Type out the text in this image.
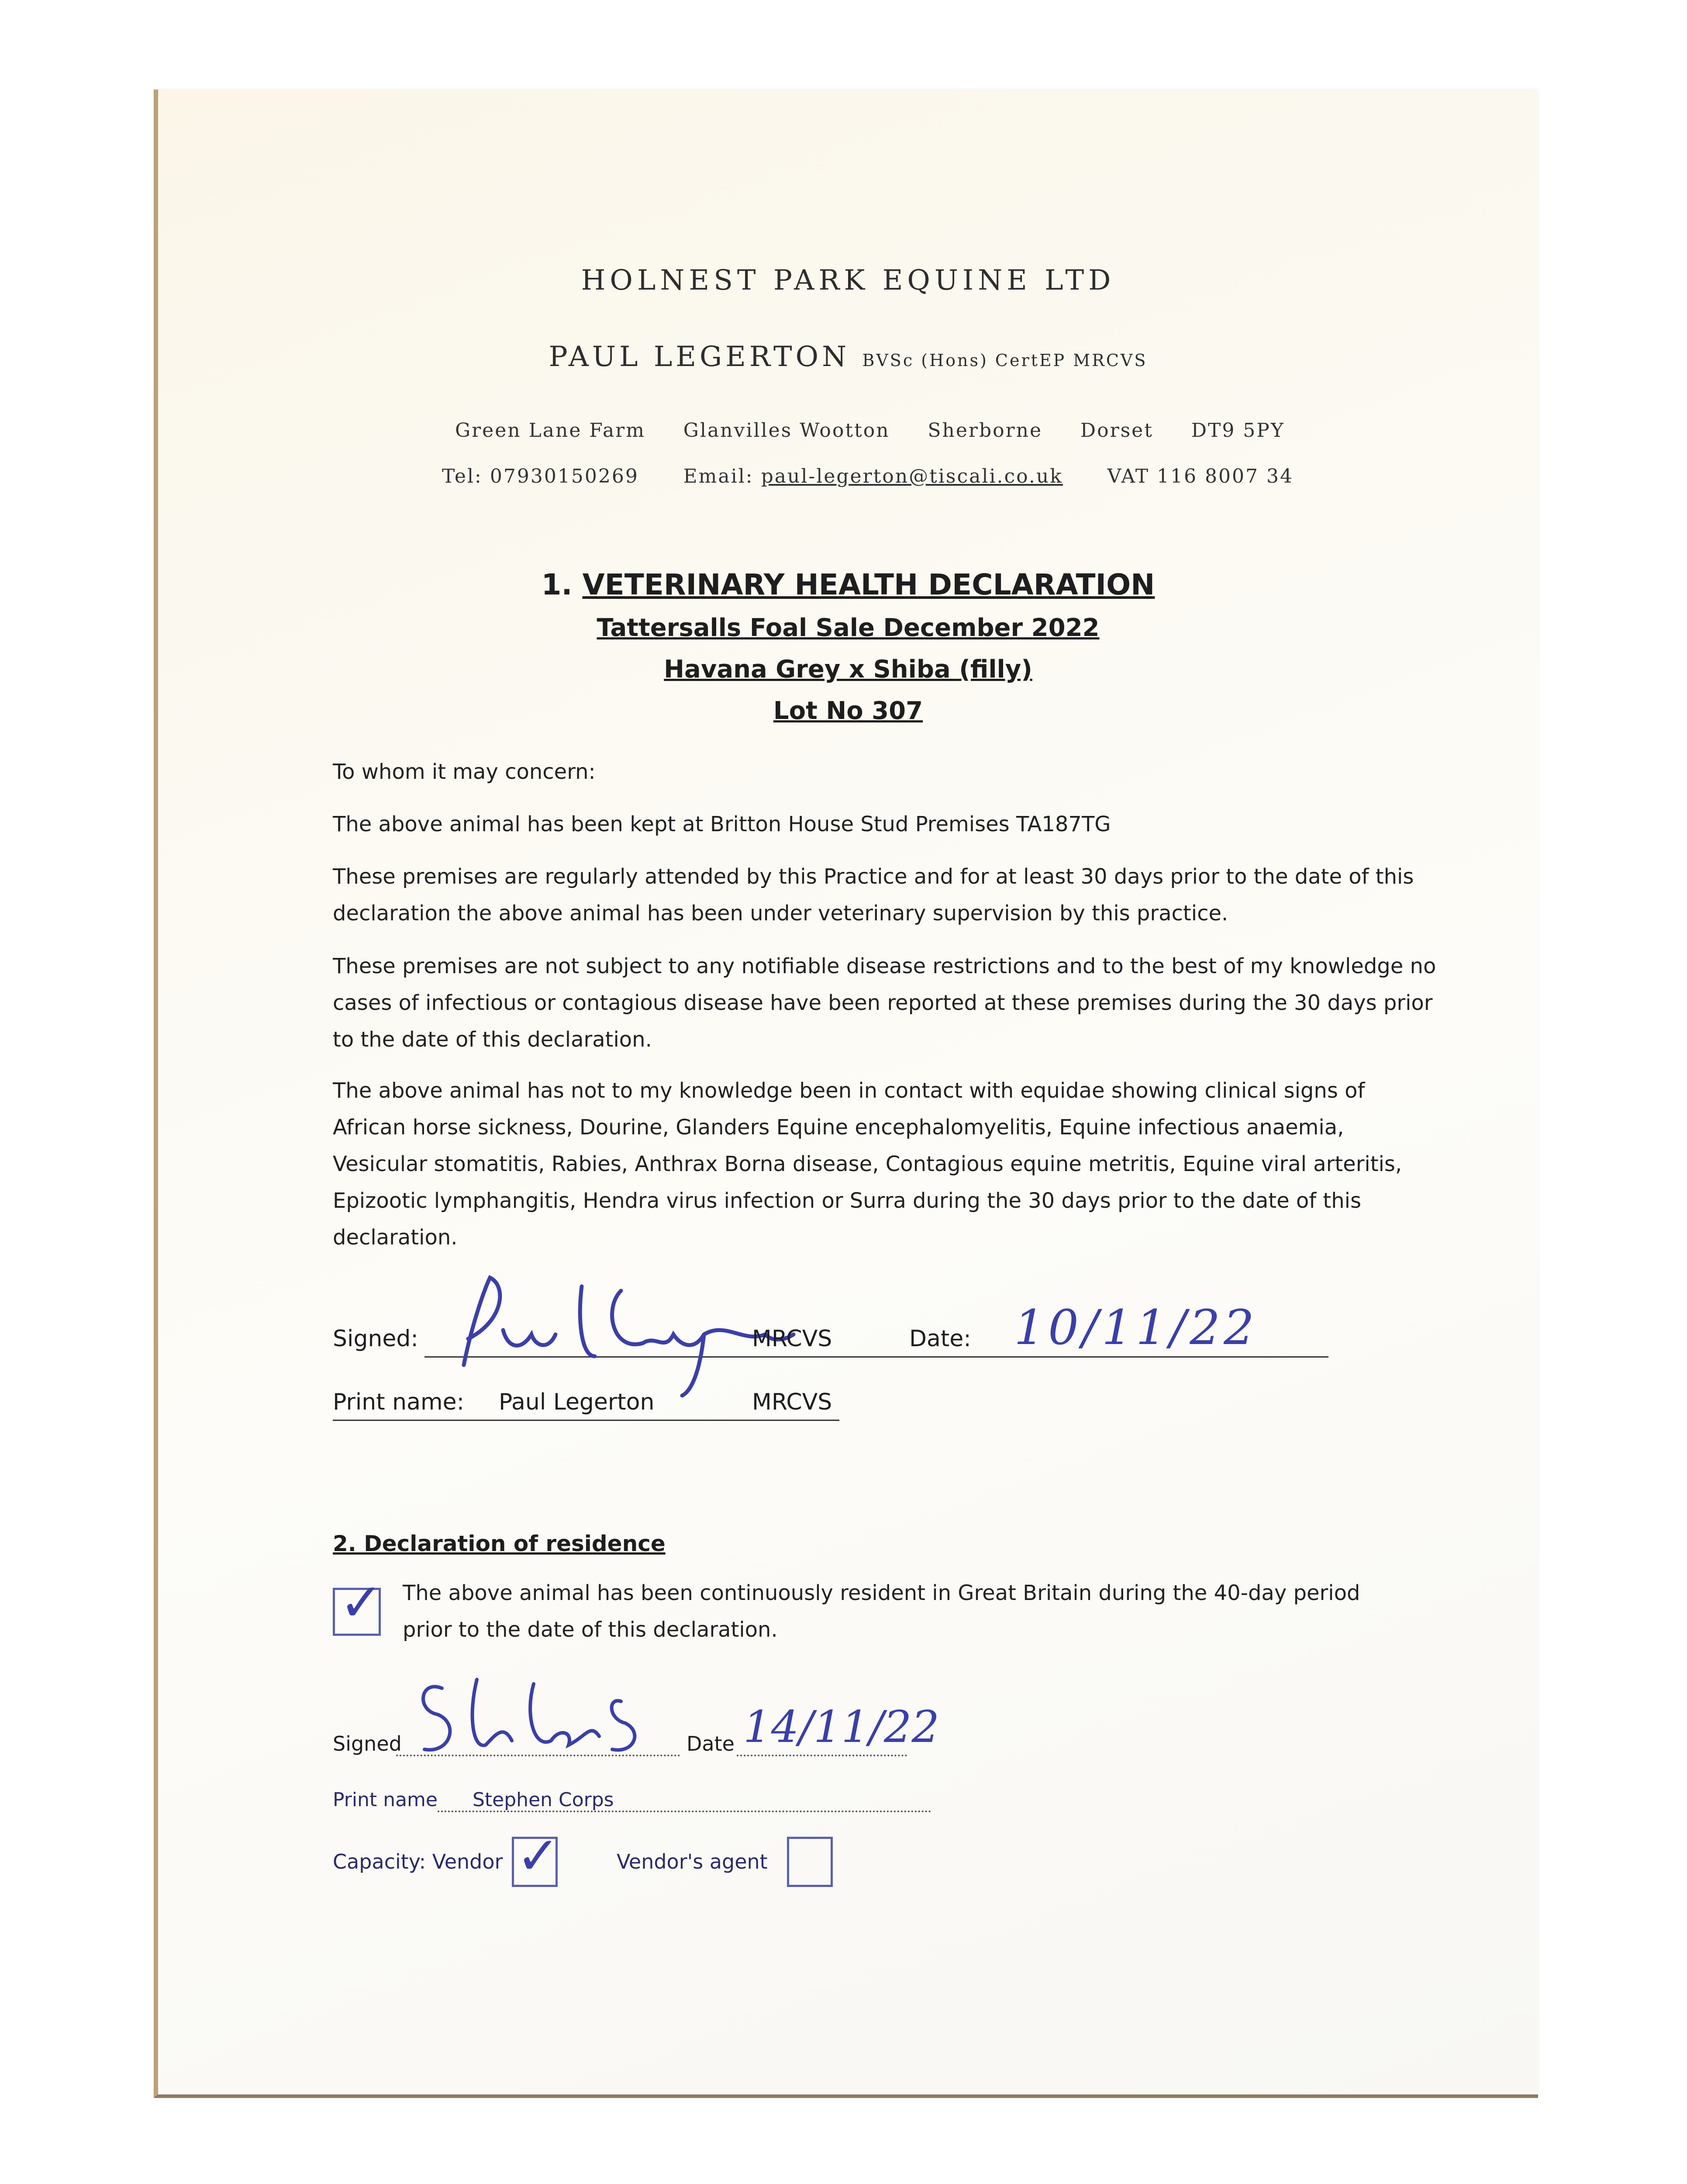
HOLNEST PARK EQUINE LTD
PAUL LEGERTON BVSc (Hons) CertEP MRCVS
Green Lane Farm Glanvilles Wootton Sherborne Dorset DT9 5PY
Tel: 07930150269 Email: paul-legerton@tiscali.co.uk VAT 116 8007 34
1. VETERINARY HEALTH DECLARATION
Tattersalls Foal Sale December 2022
Havana Grey x Shiba (filly)
Lot No 307
To whom it may concern:
The above animal has been kept at Britton House Stud Premises TA187TG
These premises are regularly attended by this Practice and for at least 30 days prior to the date of this declaration the above animal has been under veterinary supervision by this practice.
These premises are not subject to any notifiable disease restrictions and to the best of my knowledge no cases of infectious or contagious disease have been reported at these premises during the 30 days prior to the date of this declaration.
The above animal has not to my knowledge been in contact with equidae showing clinical signs of African horse sickness, Dourine, Glanders Equine encephalomyelitis, Equine infectious anaemia, Vesicular stomatitis, Rabies, Anthrax Borna disease, Contagious equine metritis, Equine viral arteritis, Epizootic lymphangitis, Hendra virus infection or Surra during the 30 days prior to the date of this declaration.
Signed:	MRCVS	Date: 10/11/22
Print name: Paul Legerton	MRCVS
2. Declaration of residence
✓ The above animal has been continuously resident in Great Britain during the 40-day period prior to the date of this declaration.
Signed	Date 14/11/22
Print name Stephen Corps
Capacity: Vendor ✓	Vendor's agent
